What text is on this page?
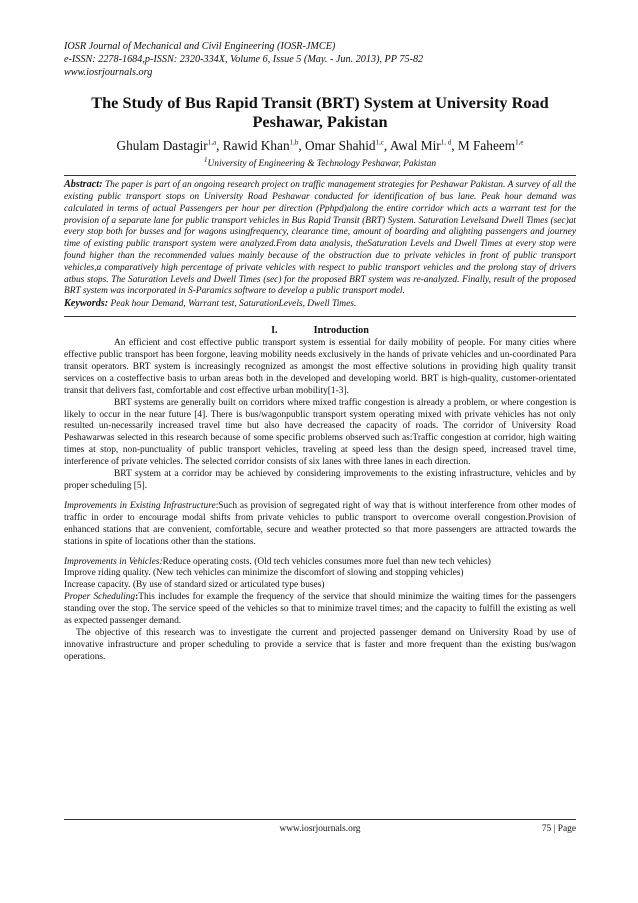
IOSR Journal of Mechanical and Civil Engineering (IOSR-JMCE)
e-ISSN: 2278-1684,p-ISSN: 2320-334X, Volume 6, Issue 5 (May. - Jun. 2013), PP 75-82
www.iosrjournals.org
The Study of Bus Rapid Transit (BRT) System at University Road Peshawar, Pakistan
Ghulam Dastagir$^{1,a}$, Rawid Khan$^{1,b}$, Omar Shahid$^{1,c}$, Awal Mir$^{1, d}$, M Faheem$^{1,e}$
$^1$University of Engineering & Technology Peshawar, Pakistan
Abstract: The paper is part of an ongoing research project on traffic management strategies for Peshawar Pakistan. A survey of all the existing public transport stops on University Road Peshawar conducted for identification of bus lane. Peak hour demand was calculated in terms of actual Passengers per hour per direction (Pphpd)along the entire corridor which acts a warrant test for the provision of a separate lane for public transport vehicles in Bus Rapid Transit (BRT) System. Saturation Levelsand Dwell Times (sec)at every stop both for busses and for wagons usingfrequency, clearance time, amount of boarding and alighting passengers and journey time of existing public transport system were analyzed.From data analysis, theSaturation Levels and Dwell Times at every stop were found higher than the recommended values mainly because of the obstruction due to private vehicles in front of public transport vehicles,a comparatively high percentage of private vehicles with respect to public transport vehicles and the prolong stay of drivers atbus stops. The Saturation Levels and Dwell Times (sec) for the proposed BRT system was re-analyzed. Finally, result of the proposed BRT system was incorporated in S-Paramics software to develop a public transport model.
Keywords: Peak hour Demand, Warrant test, SaturationLevels, Dwell Times.
I.	Introduction

An efficient and cost effective public transport system is essential for daily mobility of people. For many cities where effective public transport has been forgone, leaving mobility needs exclusively in the hands of private vehicles and un-coordinated Para transit operators. BRT system is increasingly recognized as amongst the most effective solutions in providing high quality transit services on a costeffective basis to urban areas both in the developed and developing world. BRT is high-quality, customer-orientated transit that delivers fast, comfortable and cost effective urban mobility[1-3].

BRT systems are generally built on corridors where mixed traffic congestion is already a problem, or where congestion is likely to occur in the near future [4]. There is bus/wagonpublic transport system operating mixed with private vehicles has not only resulted un-necessarily increased travel time but also have decreased the capacity of roads. The corridor of University Road Peshawarwas selected in this research because of some specific problems observed such as:Traffic congestion at corridor, high waiting times at stop, non-punctuality of public transport vehicles, traveling at speed less than the design speed, increased travel time, interference of private vehicles. The selected corridor consists of six lanes with three lanes in each direction.

BRT system at a corridor may be achieved by considering improvements to the existing infrastructure, vehicles and by proper scheduling [5].

Improvements in Existing Infrastructure:Such as provision of segregated right of way that is without interference from other modes of traffic in order to encourage modal shifts from private vehicles to public transport to overcome overall congestion.Provision of enhanced stations that are convenient, comfortable, secure and weather protected so that more passengers are attracted towards the stations in spite of locations other than the stations.

Improvements in Vehicles:Reduce operating costs. (Old tech vehicles consumes more fuel than new tech vehicles)

Improve riding quality. (New tech vehicles can minimize the discomfort of slowing and stopping vehicles)

Increase capacity. (By use of standard sized or articulated type buses)

Proper Scheduling:This includes for example the frequency of the service that should minimize the waiting times for the passengers standing over the stop. The service speed of the vehicles so that to minimize travel times; and the capacity to fulfill the existing as well as expected passenger demand.

The objective of this research was to investigate the current and projected passenger demand on University Road by use of innovative infrastructure and proper scheduling to provide a service that is faster and more frequent than the existing bus/wagon operations.

www.iosrjournals.org	75 | Page
